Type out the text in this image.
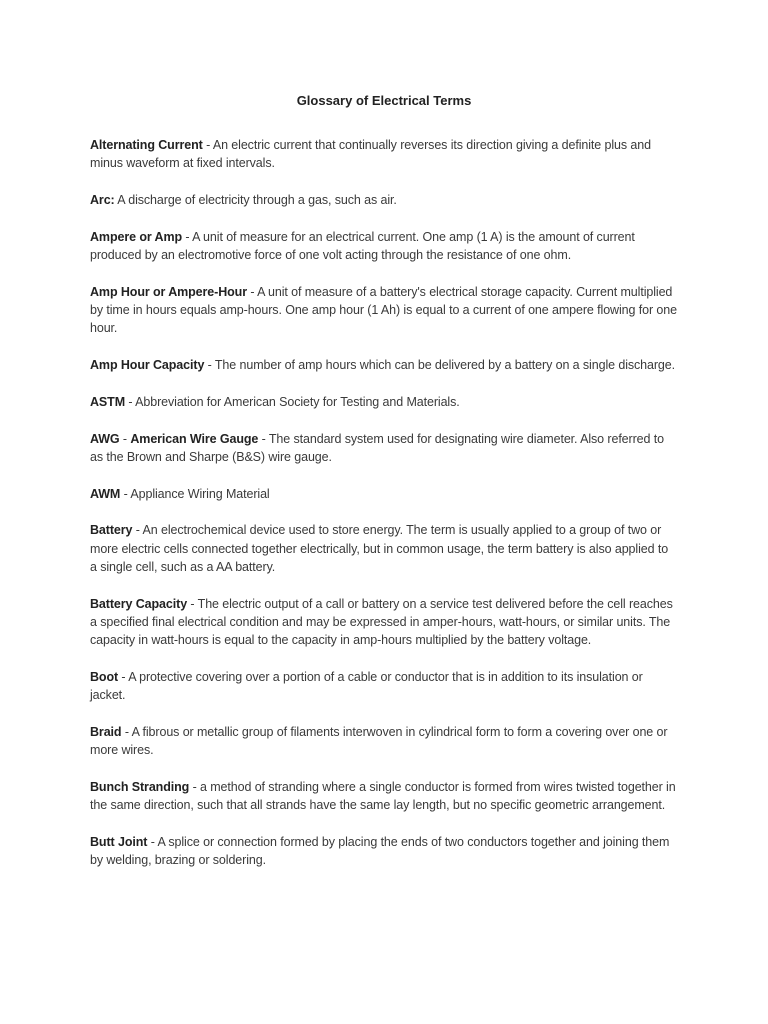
Glossary of Electrical Terms

Alternating Current - An electric current that continually reverses its direction giving a definite plus and minus waveform at fixed intervals.

Arc: A discharge of electricity through a gas, such as air.

Ampere or Amp - A unit of measure for an electrical current. One amp (1 A) is the amount of current produced by an electromotive force of one volt acting through the resistance of one ohm.

Amp Hour or Ampere-Hour - A unit of measure of a battery's electrical storage capacity. Current multiplied by time in hours equals amp-hours. One amp hour (1 Ah) is equal to a current of one ampere flowing for one hour.

Amp Hour Capacity - The number of amp hours which can be delivered by a battery on a single discharge.

ASTM - Abbreviation for American Society for Testing and Materials.

AWG - American Wire Gauge - The standard system used for designating wire diameter. Also referred to as the Brown and Sharpe (B&S) wire gauge.

AWM - Appliance Wiring Material

Battery - An electrochemical device used to store energy. The term is usually applied to a group of two or more electric cells connected together electrically, but in common usage, the term battery is also applied to a single cell, such as a AA battery.

Battery Capacity - The electric output of a call or battery on a service test delivered before the cell reaches a specified final electrical condition and may be expressed in amper-hours, watt-hours, or similar units. The capacity in watt-hours is equal to the capacity in amp-hours multiplied by the battery voltage.

Boot - A protective covering over a portion of a cable or conductor that is in addition to its insulation or jacket.

Braid - A fibrous or metallic group of filaments interwoven in cylindrical form to form a covering over one or more wires.

Bunch Stranding - a method of stranding where a single conductor is formed from wires twisted together in the same direction, such that all strands have the same lay length, but no specific geometric arrangement.

Butt Joint - A splice or connection formed by placing the ends of two conductors together and joining them by welding, brazing or soldering.
